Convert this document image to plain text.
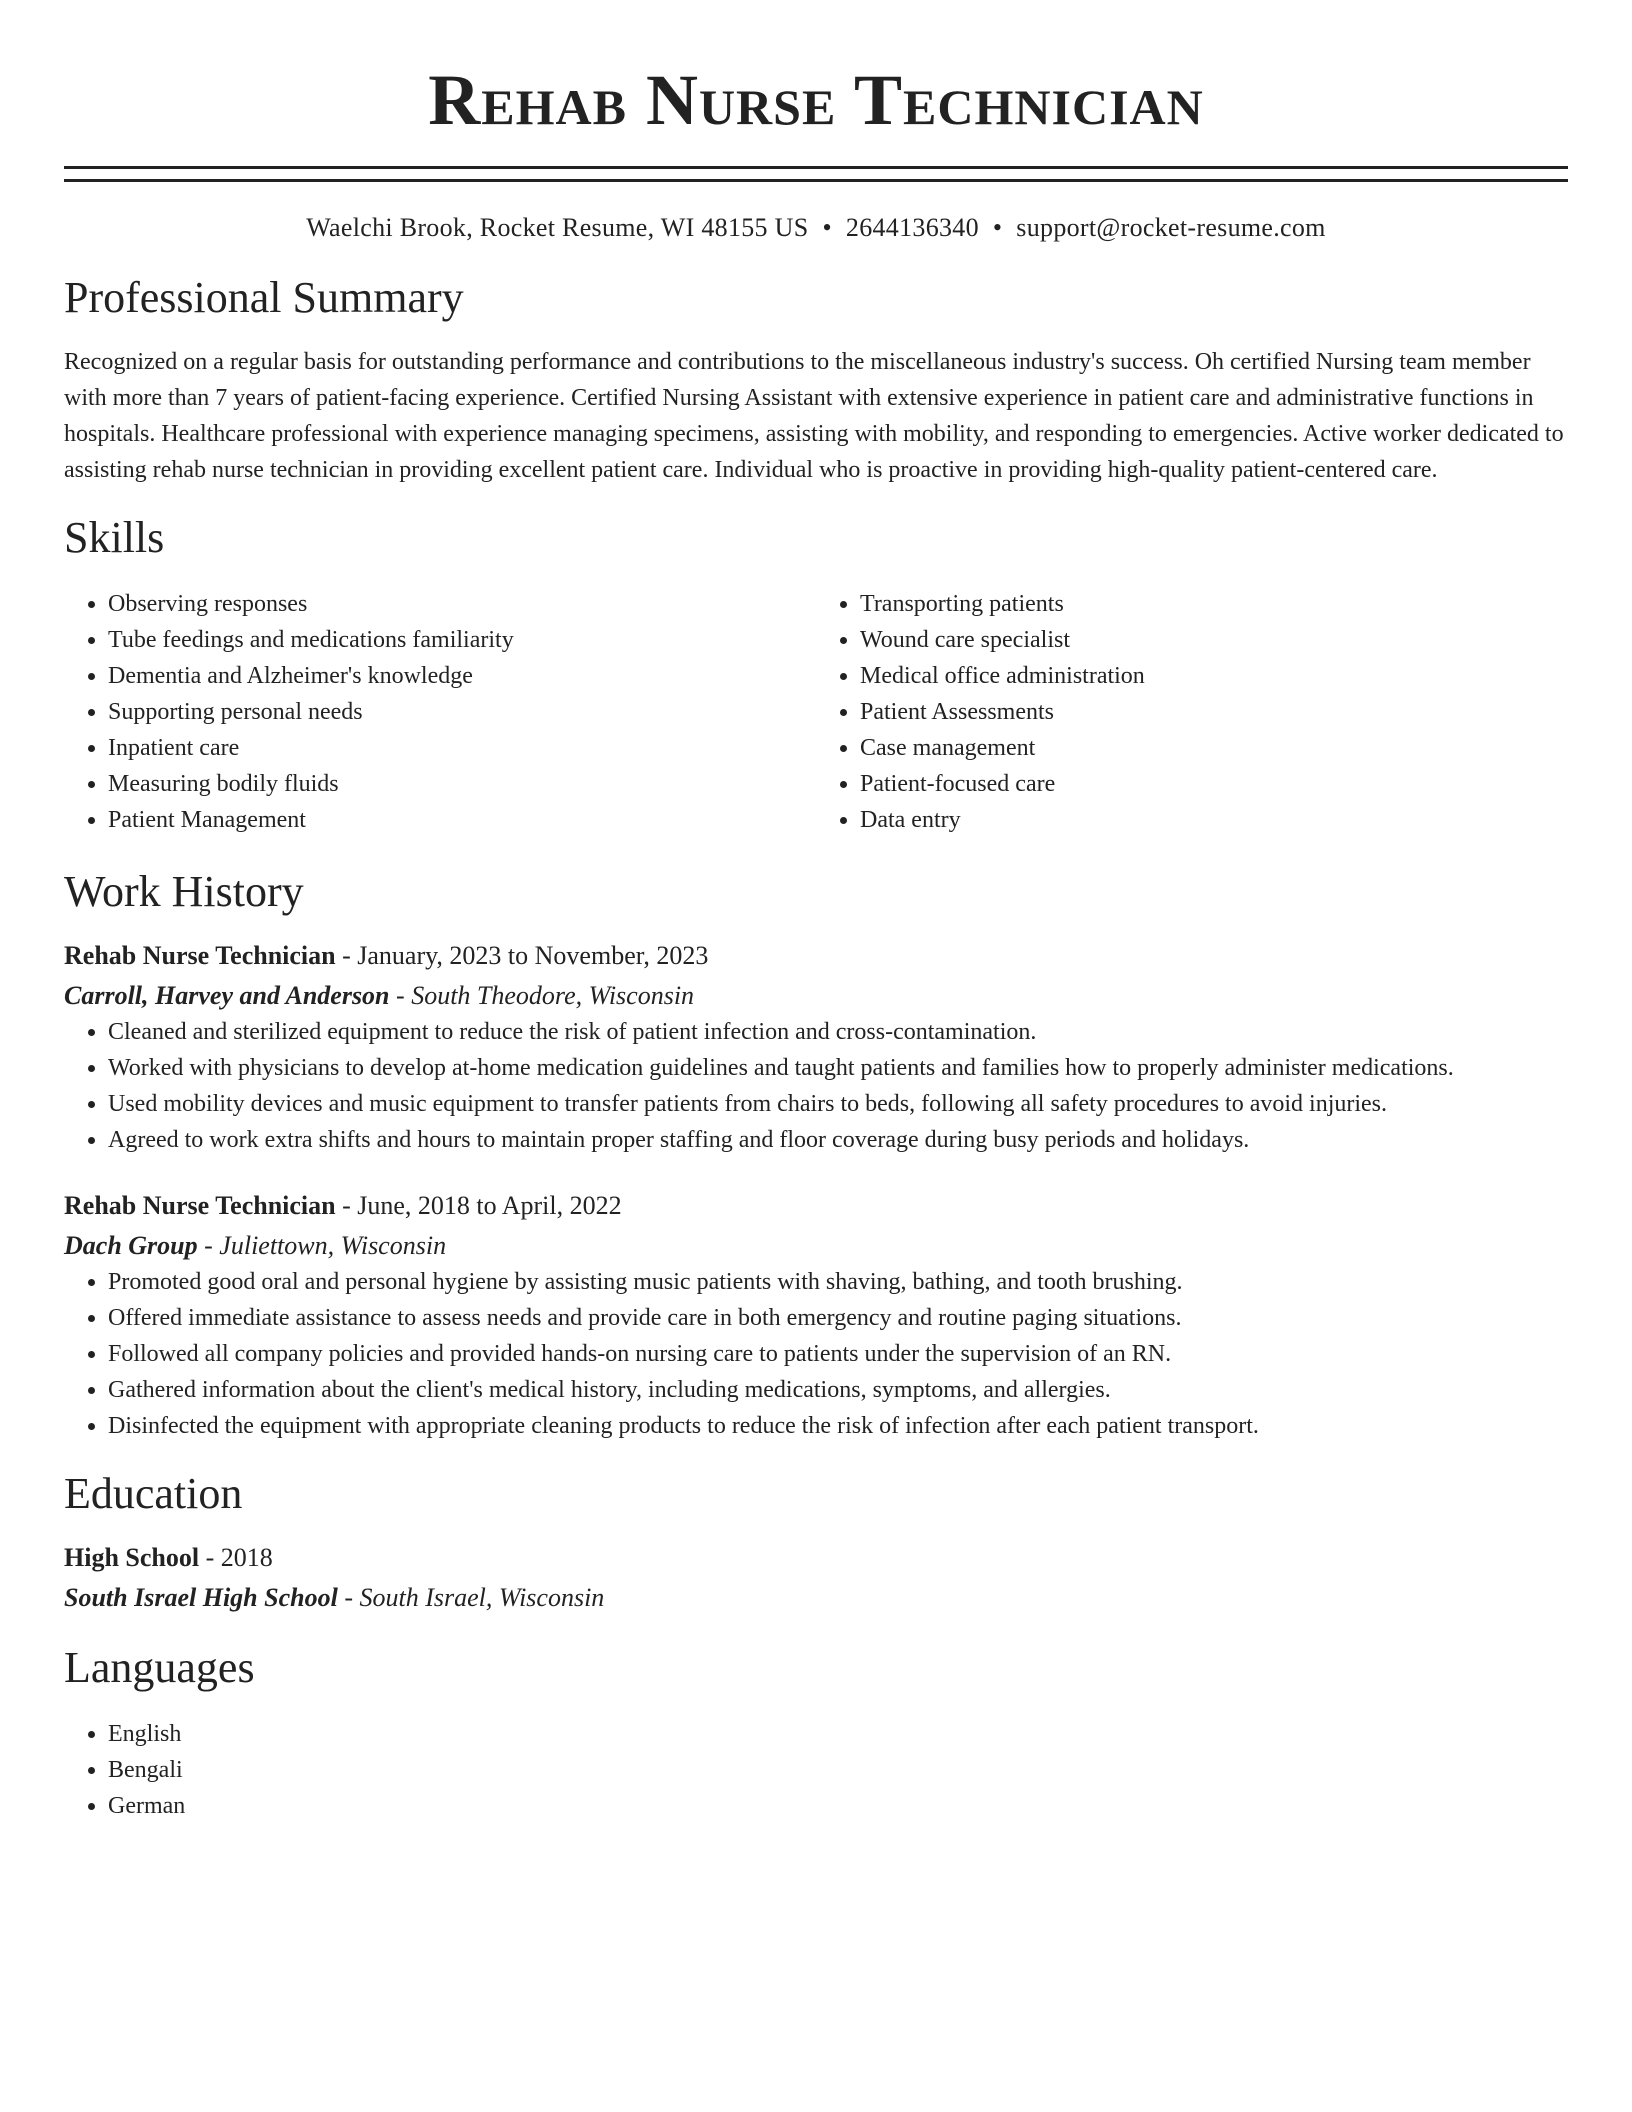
Rehab Nurse Technician
Waelchi Brook, Rocket Resume, WI 48155 US • 2644136340 • support@rocket-resume.com
Professional Summary

Recognized on a regular basis for outstanding performance and contributions to the miscellaneous industry's success. Oh certified Nursing team member with more than 7 years of patient-facing experience. Certified Nursing Assistant with extensive experience in patient care and administrative functions in hospitals. Healthcare professional with experience managing specimens, assisting with mobility, and responding to emergencies. Active worker dedicated to assisting rehab nurse technician in providing excellent patient care. Individual who is proactive in providing high-quality patient-centered care.

Skills
• Observing responses
• Tube feedings and medications familiarity
• Dementia and Alzheimer's knowledge
• Supporting personal needs
• Inpatient care
• Measuring bodily fluids
• Patient Management
• Transporting patients
• Wound care specialist
• Medical office administration
• Patient Assessments
• Case management
• Patient-focused care
• Data entry
Work History
Rehab Nurse Technician - January, 2023 to November, 2023
Carroll, Harvey and Anderson - South Theodore, Wisconsin
• Cleaned and sterilized equipment to reduce the risk of patient infection and cross-contamination.
• Worked with physicians to develop at-home medication guidelines and taught patients and families how to properly administer medications.
• Used mobility devices and music equipment to transfer patients from chairs to beds, following all safety procedures to avoid injuries.
• Agreed to work extra shifts and hours to maintain proper staffing and floor coverage during busy periods and holidays.
Rehab Nurse Technician - June, 2018 to April, 2022
Dach Group - Juliettown, Wisconsin
• Promoted good oral and personal hygiene by assisting music patients with shaving, bathing, and tooth brushing.
• Offered immediate assistance to assess needs and provide care in both emergency and routine paging situations.
• Followed all company policies and provided hands-on nursing care to patients under the supervision of an RN.
• Gathered information about the client's medical history, including medications, symptoms, and allergies.
• Disinfected the equipment with appropriate cleaning products to reduce the risk of infection after each patient transport.
Education
High School - 2018
South Israel High School - South Israel, Wisconsin
Languages
• English
• Bengali
• German
